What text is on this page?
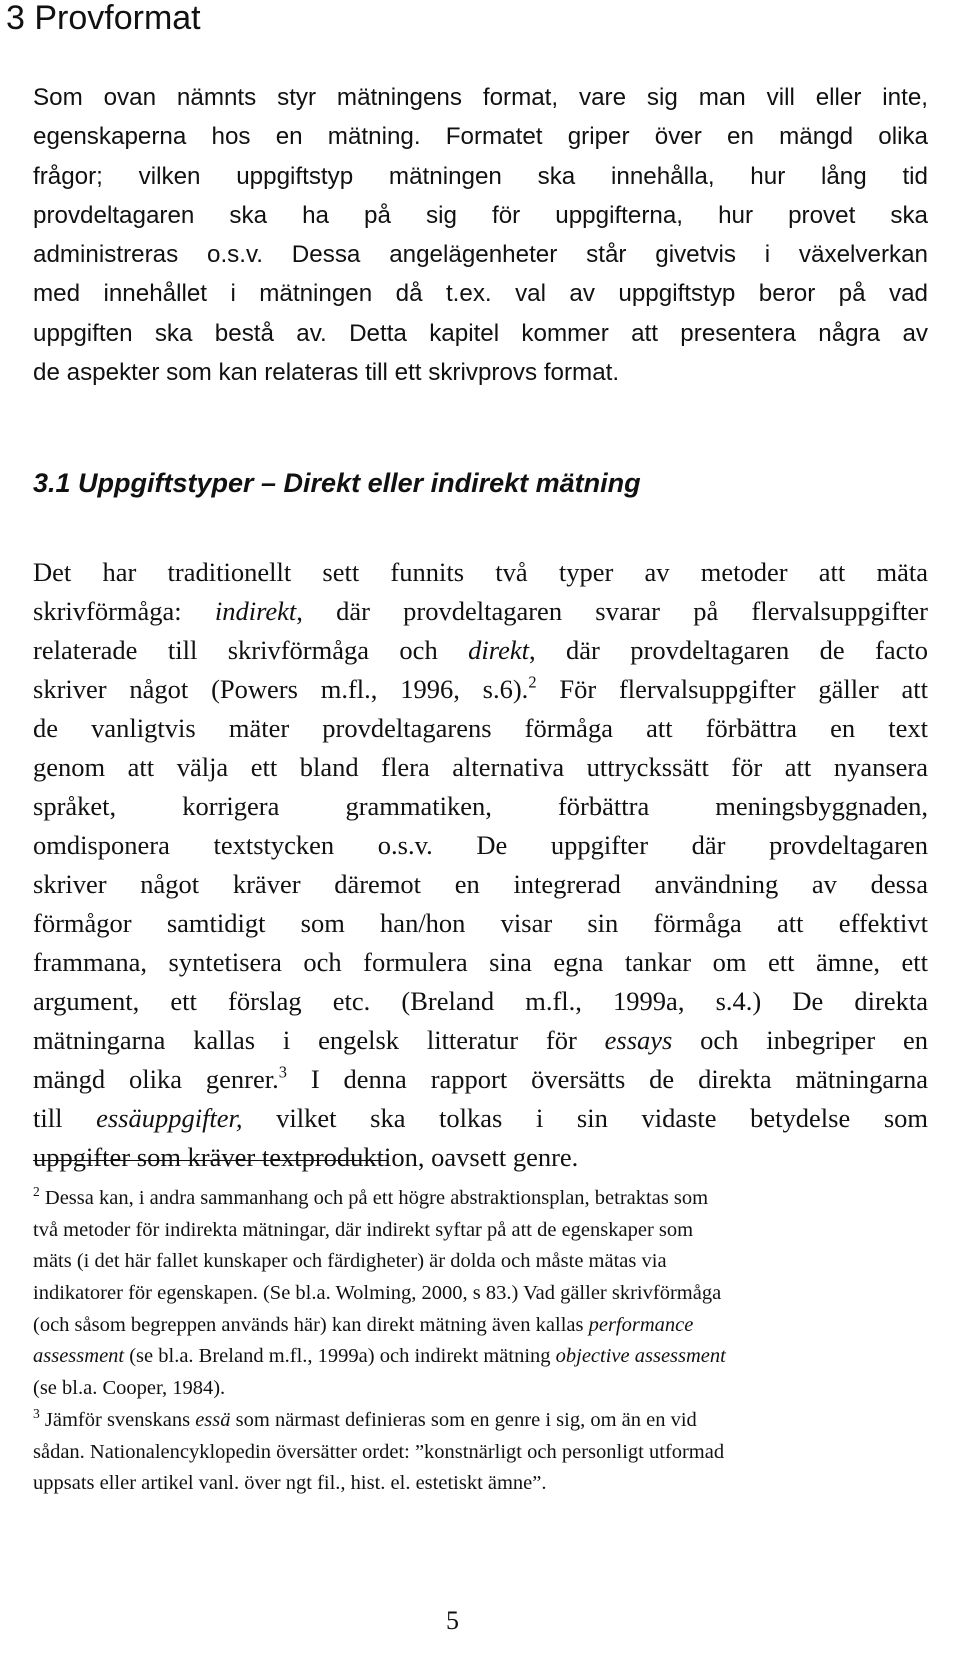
3 Provformat
Som ovan nämnts styr mätningens format, vare sig man vill eller inte,
egenskaperna hos en mätning. Formatet griper över en mängd olika
frågor; vilken uppgiftstyp mätningen ska innehålla, hur lång tid
provdeltagaren ska ha på sig för uppgifterna, hur provet ska
administreras o.s.v. Dessa angelägenheter står givetvis i växelverkan
med innehållet i mätningen då t.ex. val av uppgiftstyp beror på vad
uppgiften ska bestå av. Detta kapitel kommer att presentera några av
de aspekter som kan relateras till ett skrivprovs format.
3.1 Uppgiftstyper – Direkt eller indirekt mätning
Det har traditionellt sett funnits två typer av metoder att mäta
skrivförmåga: indirekt, där provdeltagaren svarar på flervalsuppgifter
relaterade till skrivförmåga och direkt, där provdeltagaren de facto
skriver något (Powers m.fl., 1996, s.6).$^2$ För flervalsuppgifter gäller att
de vanligtvis mäter provdeltagarens förmåga att förbättra en text
genom att välja ett bland flera alternativa uttryckssätt för att nyansera
språket, korrigera grammatiken, förbättra meningsbyggnaden,
omdisponera textstycken o.s.v. De uppgifter där provdeltagaren
skriver något kräver däremot en integrerad användning av dessa
förmågor samtidigt som han/hon visar sin förmåga att effektivt
frammana, syntetisera och formulera sina egna tankar om ett ämne, ett
argument, ett förslag etc. (Breland m.fl., 1999a, s.4.) De direkta
mätningarna kallas i engelsk litteratur för essays och inbegriper en
mängd olika genrer.$^3$ I denna rapport översätts de direkta mätningarna
till essäuppgifter, vilket ska tolkas i sin vidaste betydelse som
uppgifter som kräver textproduktion, oavsett genre.
$^2$ Dessa kan, i andra sammanhang och på ett högre abstraktionsplan, betraktas som
två metoder för indirekta mätningar, där indirekt syftar på att de egenskaper som
mäts (i det här fallet kunskaper och färdigheter) är dolda och måste mätas via
indikatorer för egenskapen. (Se bl.a. Wolming, 2000, s 83.) Vad gäller skrivförmåga
(och såsom begreppen används här) kan direkt mätning även kallas performance
assessment (se bl.a. Breland m.fl., 1999a) och indirekt mätning objective assessment
(se bl.a. Cooper, 1984).
$^3$ Jämför svenskans essä som närmast definieras som en genre i sig, om än en vid
sådan. Nationalencyklopedin översätter ordet: ”konstnärligt och personligt utformad
uppsats eller artikel vanl. över ngt fil., hist. el. estetiskt ämne”.
5
